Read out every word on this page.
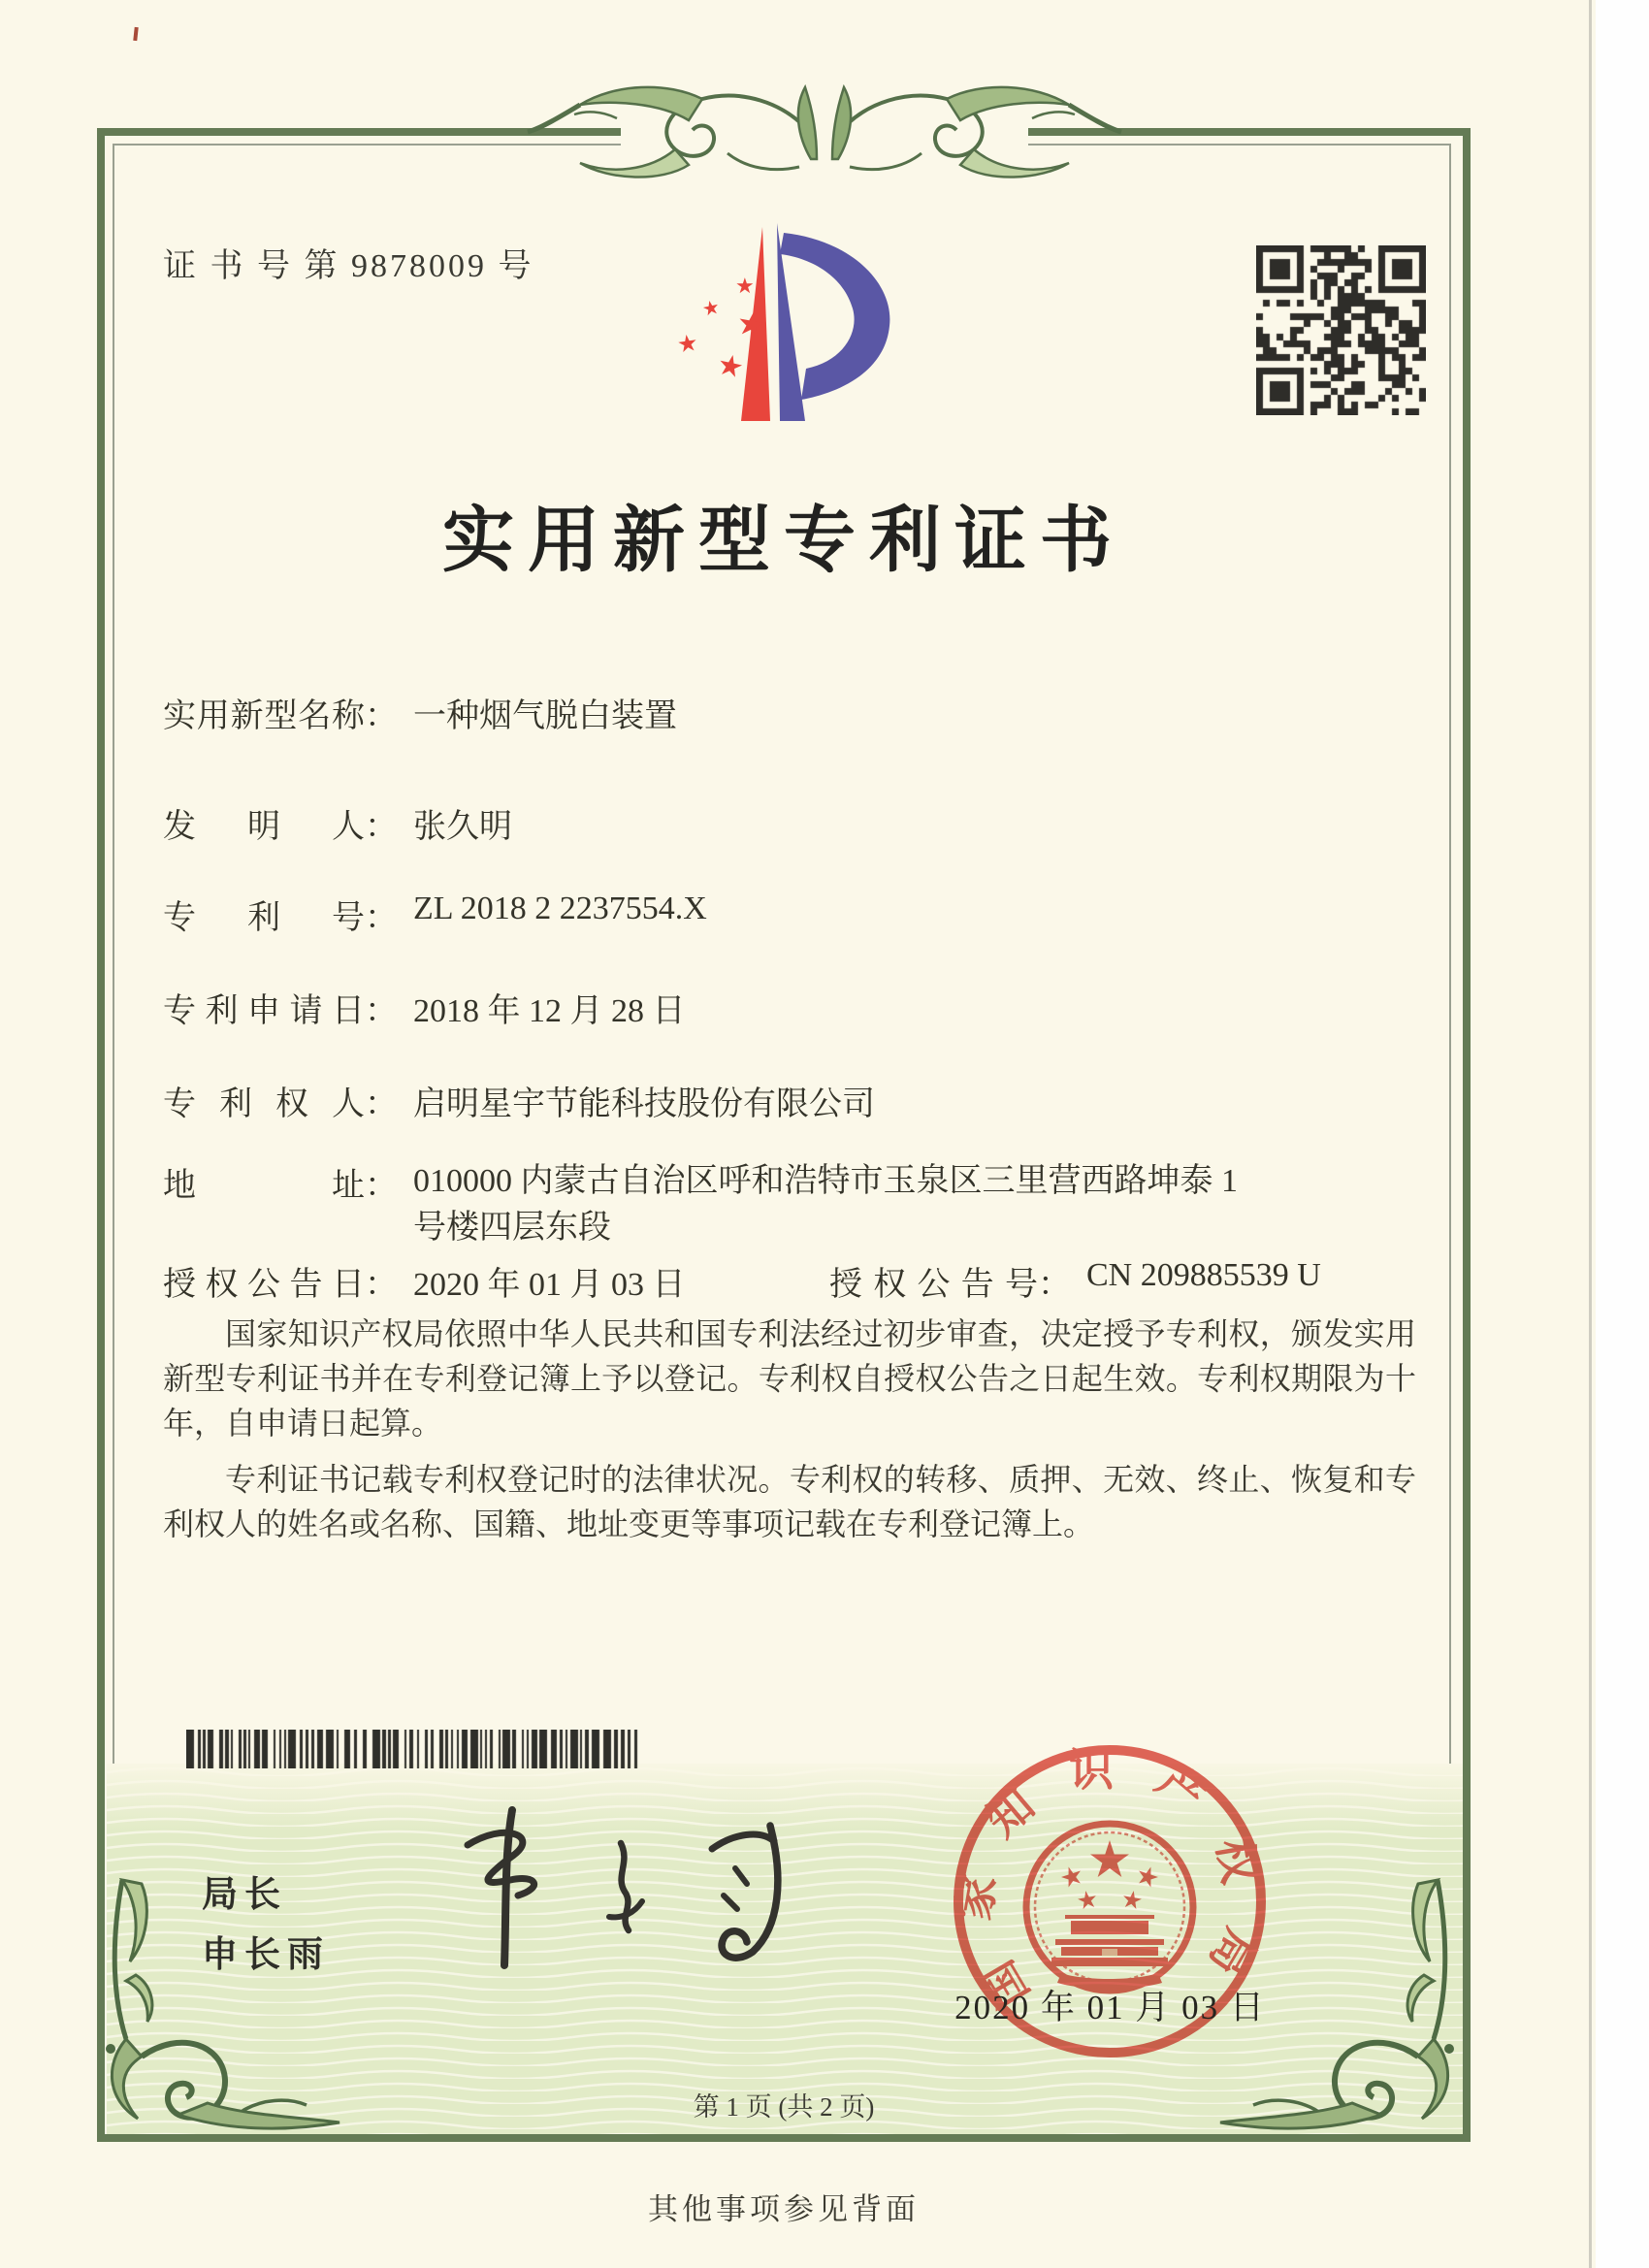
证 书 号 第 9878009 号
★
★ ★
★
★
实用新型专利证书
实用新型名称： 一种烟气脱白装置
发明人： 张久明
专利号： ZL 2018 2 2237554.X
专利申请日： 2018 年 12 月 28 日
专利权人： 启明星宇节能科技股份有限公司
地址： 010000 内蒙古自治区呼和浩特市玉泉区三里营西路坤泰 1
号楼四层东段
授权公告日： 2020 年 01 月 03 日	授权公告号： CN 209885539 U

国家知识产权局依照中华人民共和国专利法经过初步审查，决定授予专利权，颁发实用新型专利证书并在专利登记簿上予以登记。专利权自授权公告之日起生效。专利权期限为十年，自申请日起算。

专利证书记载专利权登记时的法律状况。专利权的转移、质押、无效、终止、恢复和专利权人的姓名或名称、国籍、地址变更等事项记载在专利登记簿上。

局长
申长雨	国家知识产权局
2020 年 01 月 03 日
第 1 页 (共 2 页)
其他事项参见背面
